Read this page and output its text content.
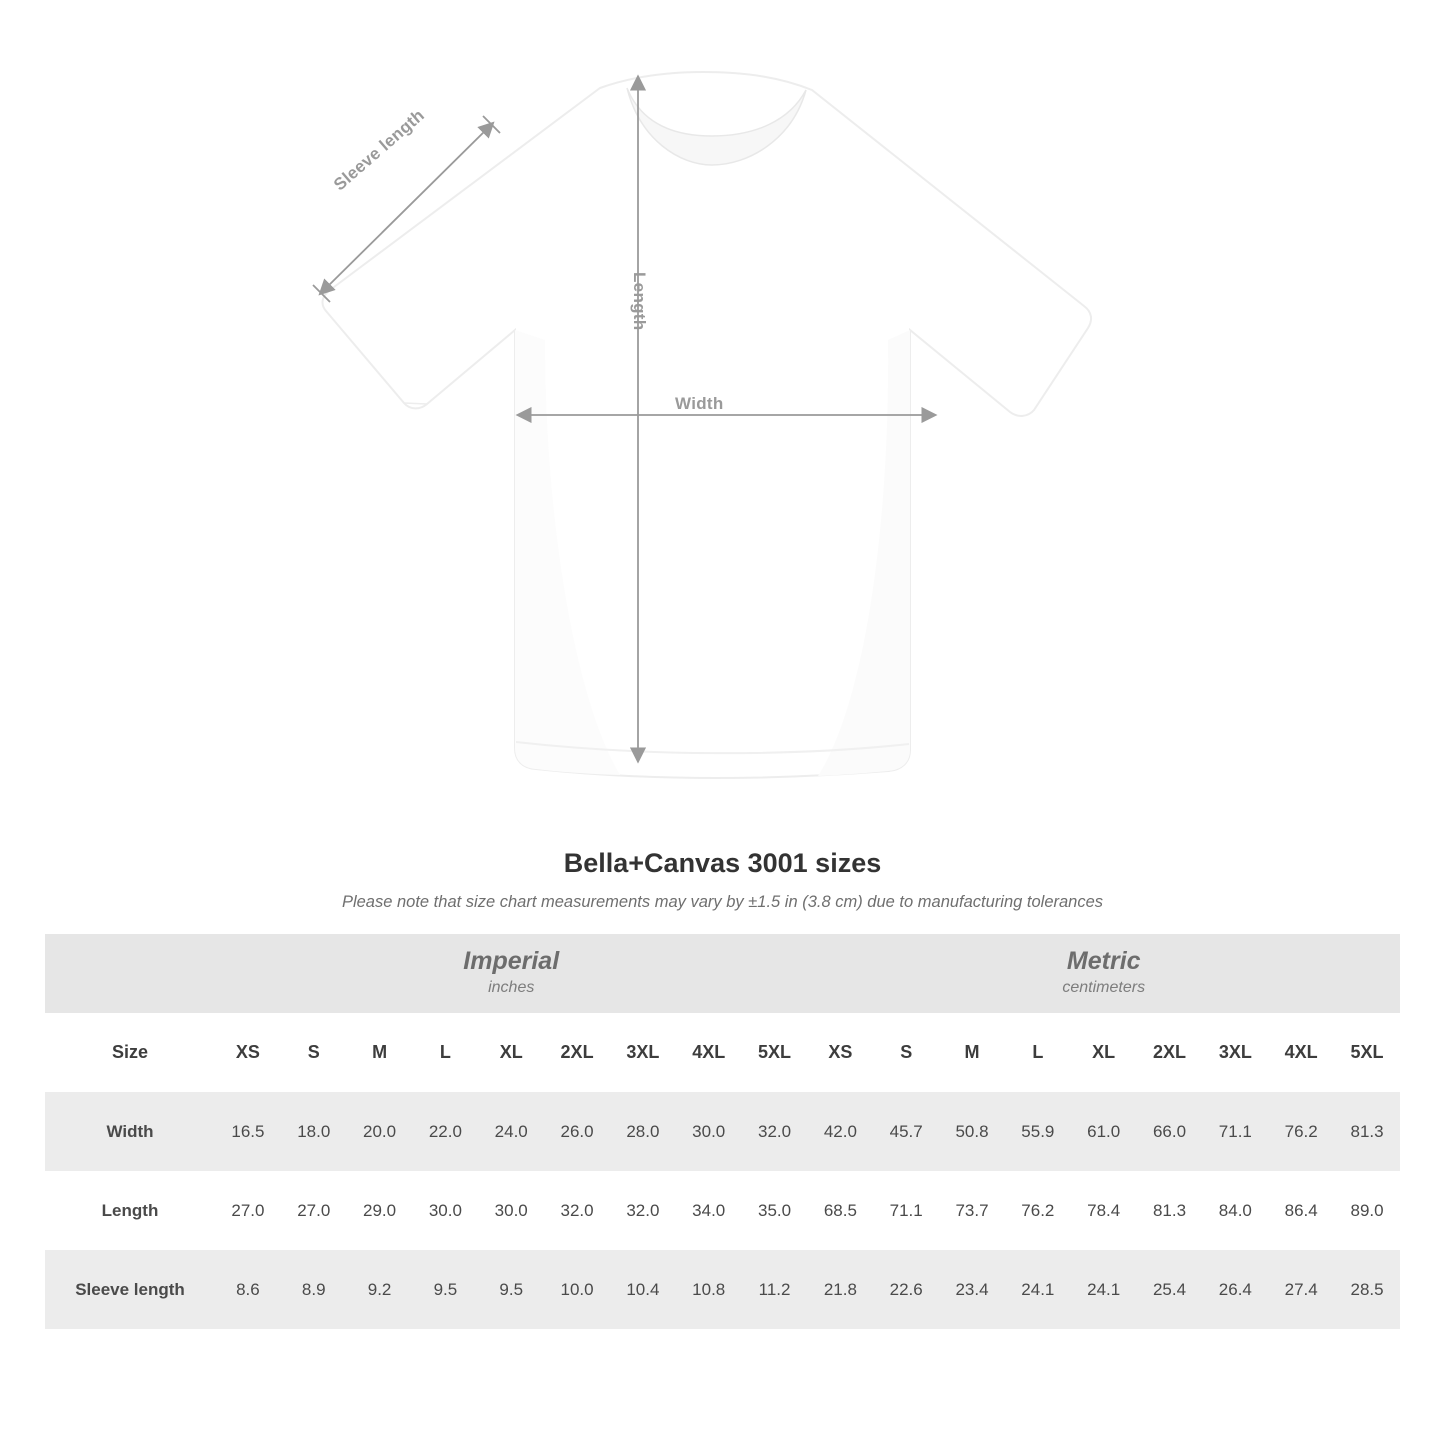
Sleeve length
Length
Width
Bella+Canvas 3001 sizes

Please note that size chart measurements may vary by ±1.5 in (3.8 cm) due to manufacturing tolerances

Imperial
inches

Metric
centimeters

Size	XS	S	M	L	XL	2XL	3XL	4XL	5XL	XS	S	M	L	XL	2XL	3XL	4XL	5XL
Width	16.5	18.0	20.0	22.0	24.0	26.0	28.0	30.0	32.0	42.0	45.7	50.8	55.9	61.0	66.0	71.1	76.2	81.3
Length	27.0	27.0	29.0	30.0	30.0	32.0	32.0	34.0	35.0	68.5	71.1	73.7	76.2	78.4	81.3	84.0	86.4	89.0
Sleeve length	8.6	8.9	9.2	9.5	9.5	10.0	10.4	10.8	11.2	21.8	22.6	23.4	24.1	24.1	25.4	26.4	27.4	28.5
